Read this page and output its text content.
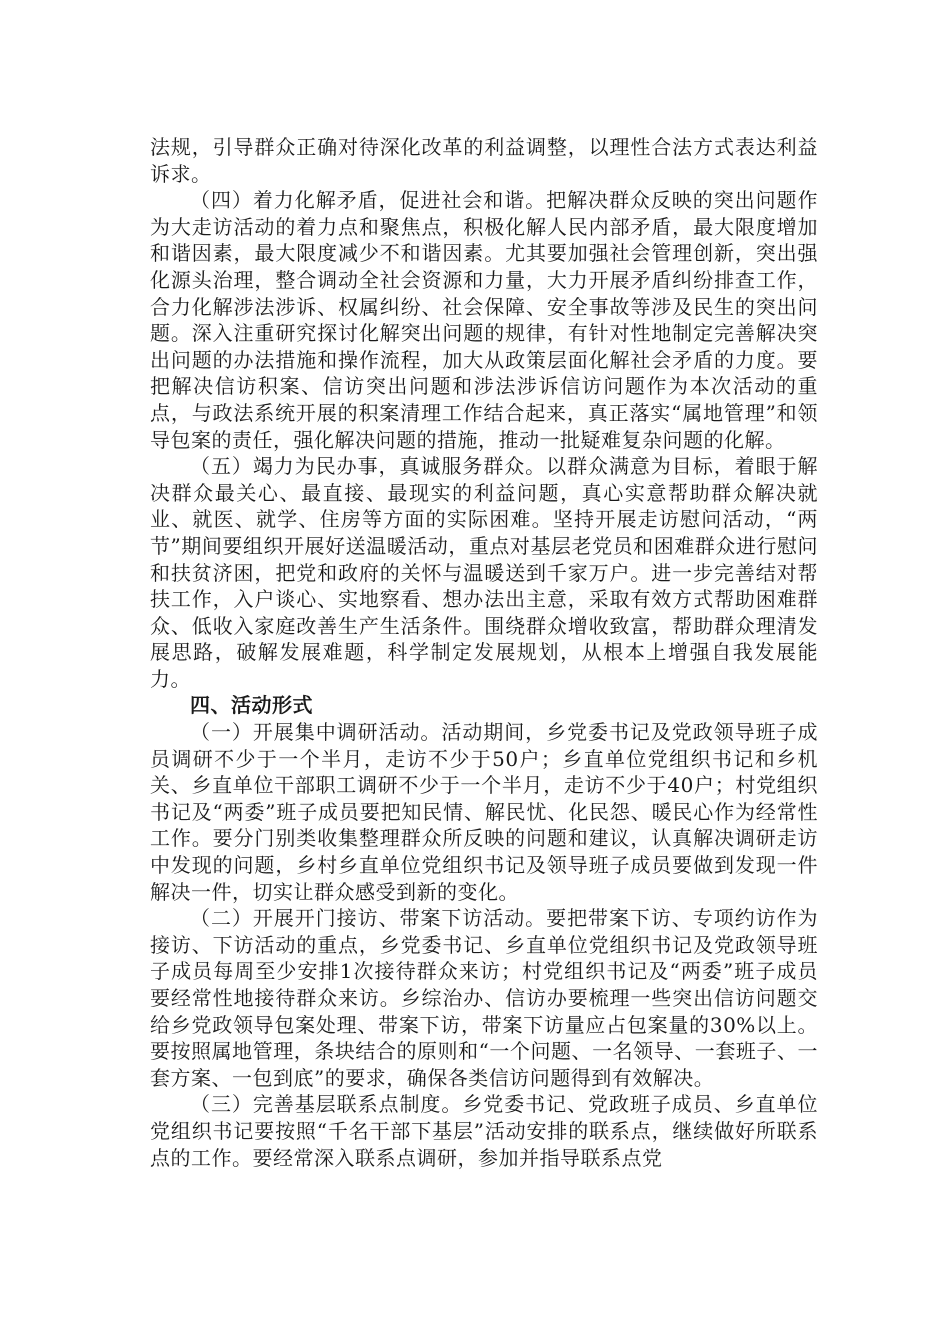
法规，引导群众正确对待深化改革的利益调整，以理性合法方式表达利益诉求。

（四）着力化解矛盾，促进社会和谐。把解决群众反映的突出问题作为大走访活动的着力点和聚焦点，积极化解人民内部矛盾，最大限度增加和谐因素，最大限度减少不和谐因素。尤其要加强社会管理创新，突出强化源头治理，整合调动全社会资源和力量，大力开展矛盾纠纷排查工作，合力化解涉法涉诉、权属纠纷、社会保障、安全事故等涉及民生的突出问题。深入注重研究探讨化解突出问题的规律，有针对性地制定完善解决突出问题的办法措施和操作流程，加大从政策层面化解社会矛盾的力度。要把解决信访积案、信访突出问题和涉法涉诉信访问题作为本次活动的重点，与政法系统开展的积案清理工作结合起来，真正落实“属地管理”和领导包案的责任，强化解决问题的措施，推动一批疑难复杂问题的化解。

（五）竭力为民办事，真诚服务群众。以群众满意为目标，着眼于解决群众最关心、最直接、最现实的利益问题，真心实意帮助群众解决就业、就医、就学、住房等方面的实际困难。坚持开展走访慰问活动，“两节”期间要组织开展好送温暖活动，重点对基层老党员和困难群众进行慰问和扶贫济困，把党和政府的关怀与温暖送到千家万户。进一步完善结对帮扶工作，入户谈心、实地察看、想办法出主意，采取有效方式帮助困难群众、低收入家庭改善生产生活条件。围绕群众增收致富，帮助群众理清发展思路，破解发展难题，科学制定发展规划，从根本上增强自我发展能力。

四、活动形式

（一）开展集中调研活动。活动期间，乡党委书记及党政领导班子成员调研不少于一个半月，走访不少于50户；乡直单位党组织书记和乡机关、乡直单位干部职工调研不少于一个半月，走访不少于40户；村党组织书记及“两委”班子成员要把知民情、解民忧、化民怨、暖民心作为经常性工作。要分门别类收集整理群众所反映的问题和建议，认真解决调研走访中发现的问题，乡村乡直单位党组织书记及领导班子成员要做到发现一件解决一件，切实让群众感受到新的变化。

（二）开展开门接访、带案下访活动。要把带案下访、专项约访作为接访、下访活动的重点，乡党委书记、乡直单位党组织书记及党政领导班子成员每周至少安排1次接待群众来访；村党组织书记及“两委”班子成员要经常性地接待群众来访。乡综治办、信访办要梳理一些突出信访问题交给乡党政领导包案处理、带案下访，带案下访量应占包案量的30%以上。要按照属地管理，条块结合的原则和“一个问题、一名领导、一套班子、一套方案、一包到底”的要求，确保各类信访问题得到有效解决。

（三）完善基层联系点制度。乡党委书记、党政班子成员、乡直单位党组织书记要按照“千名干部下基层”活动安排的联系点，继续做好所联系点的工作。要经常深入联系点调研，参加并指导联系点党
